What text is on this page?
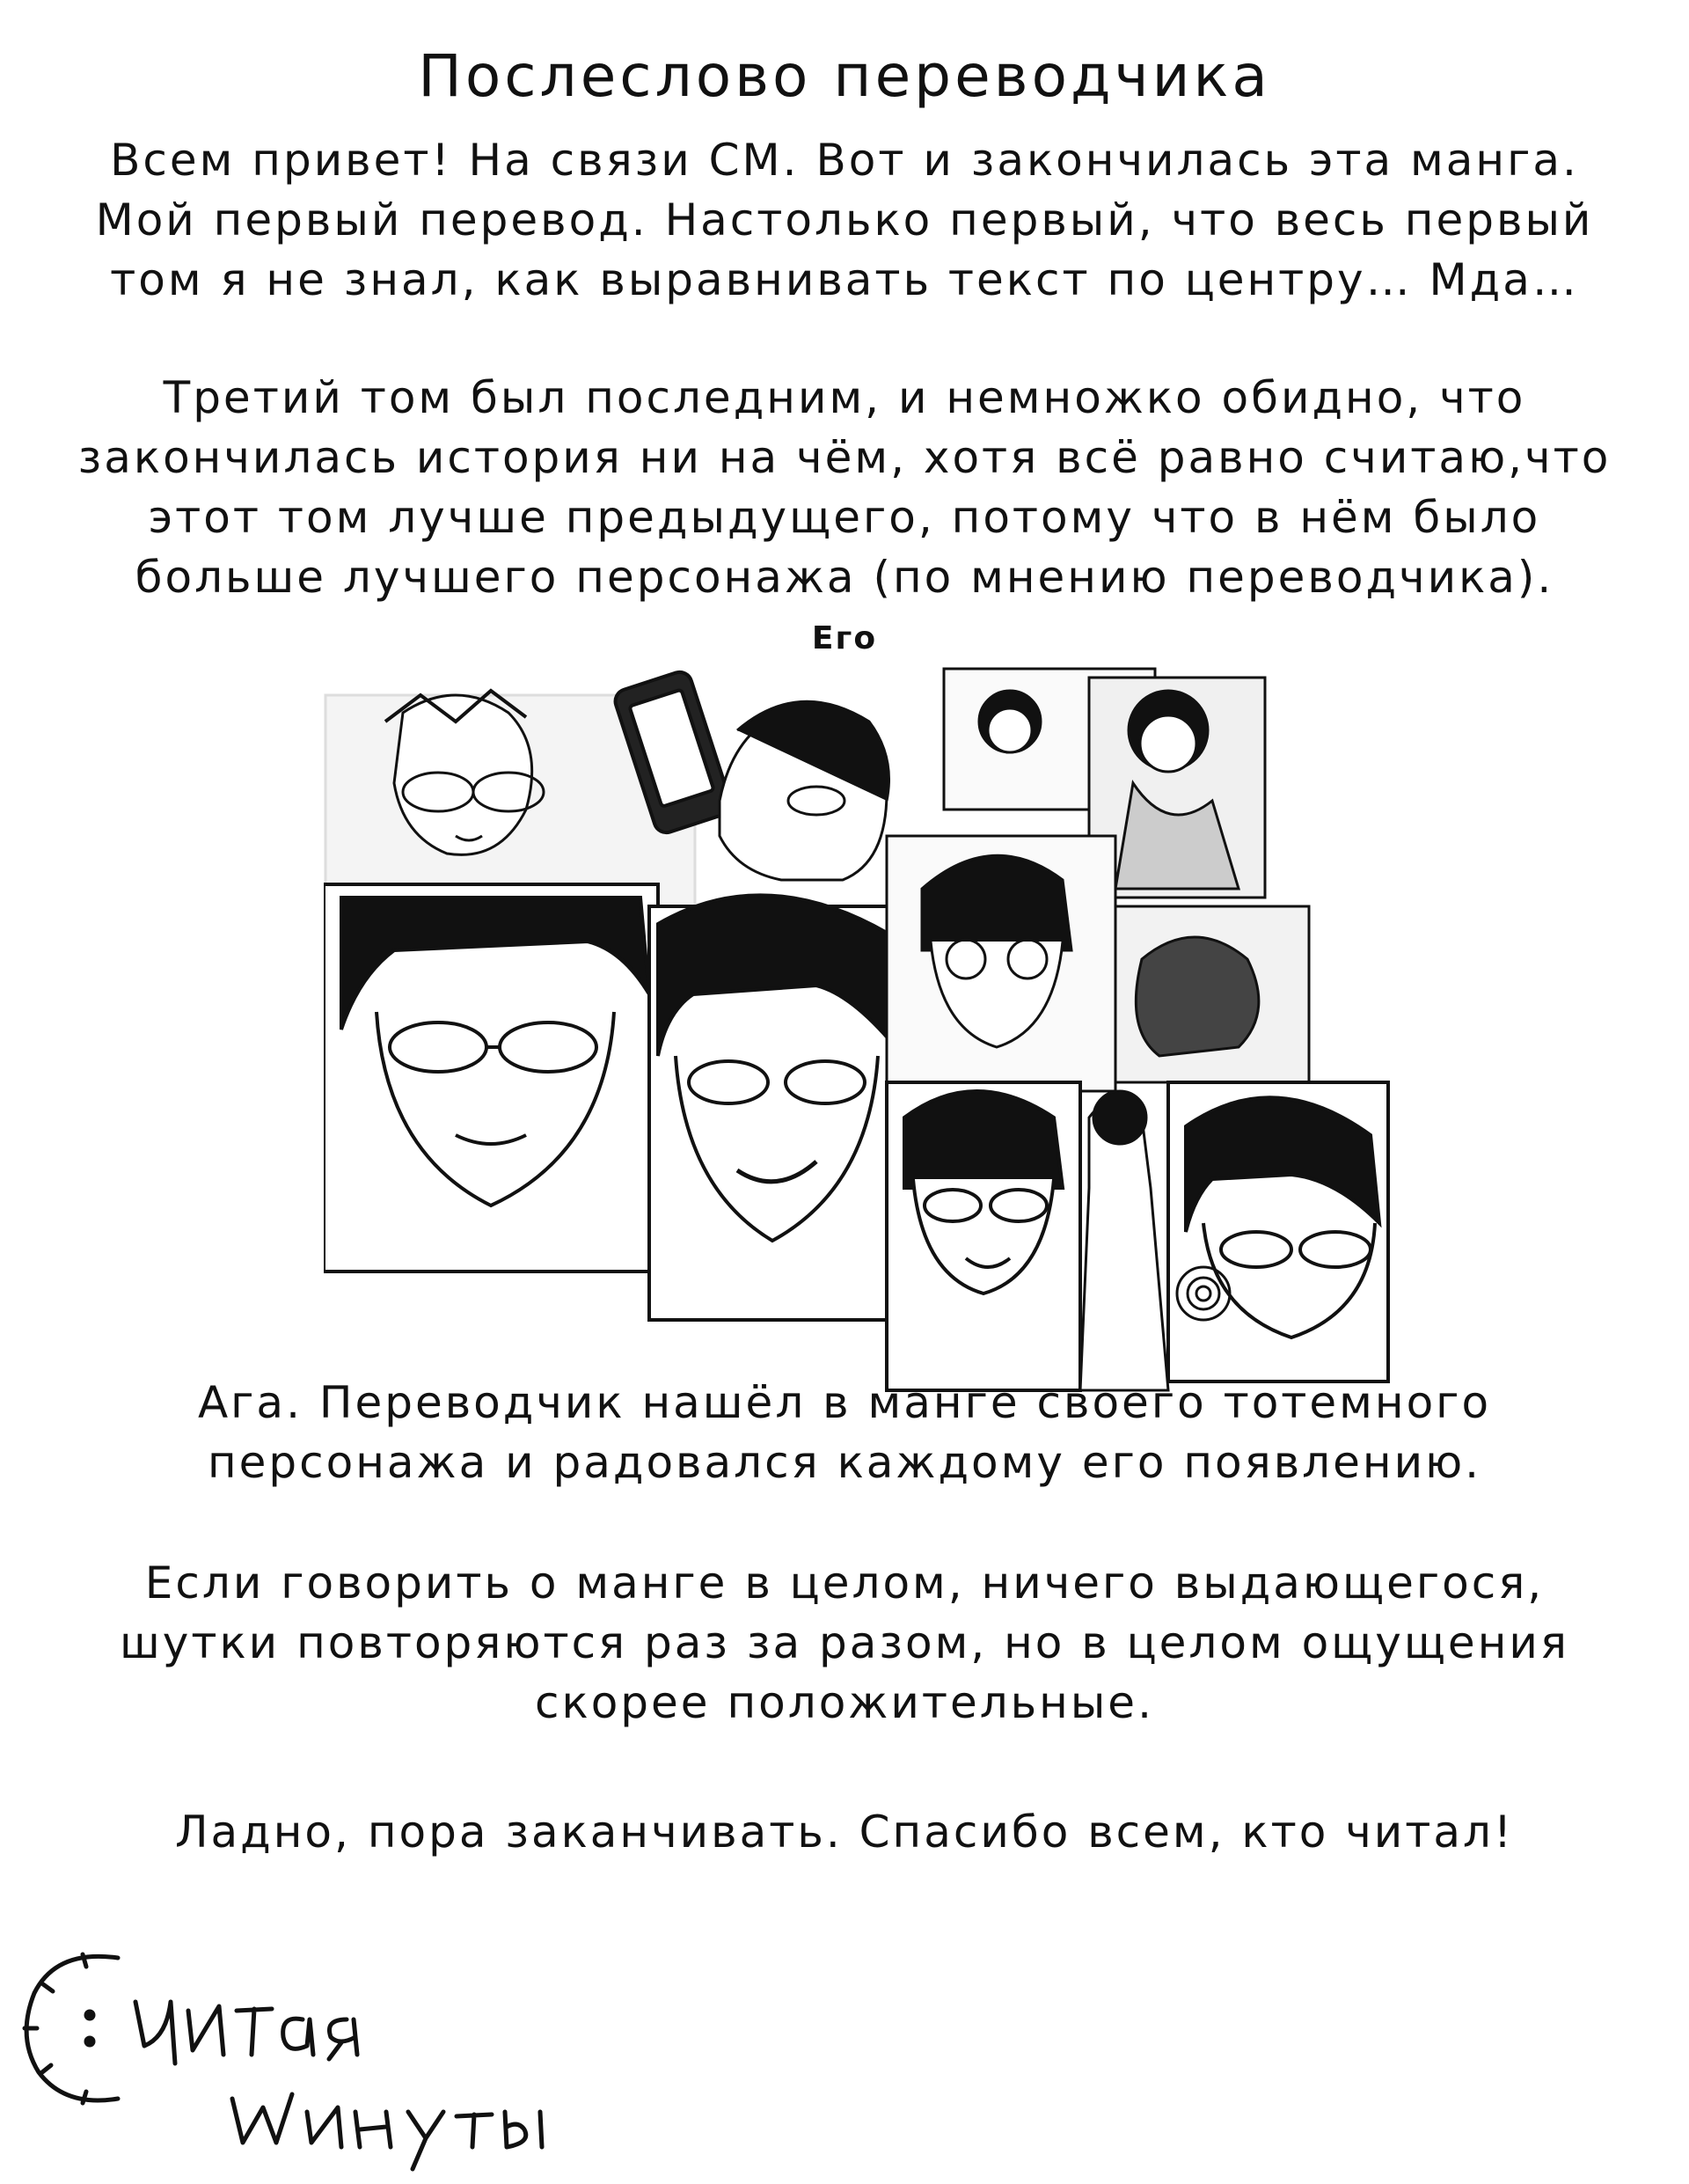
Послеслово переводчика
Всем привет! На связи СМ. Вот и закончилась эта манга.
Мой первый перевод. Настолько первый, что весь первый
том я не знал, как выравнивать текст по центру… Мда…
Третий том был последним, и немножко обидно, что
закончилась история ни на чём, хотя всё равно считаю,что
этот том лучше предыдущего, потому что в нём было
больше лучшего персонажа (по мнению переводчика).
Его
Ага. Переводчик нашёл в манге своего тотемного
персонажа и радовался каждому его появлению.
Если говорить о манге в целом, ничего выдающегося,
шутки повторяются раз за разом, но в целом ощущения
скорее положительные.
Ладно, пора заканчивать. Спасибо всем, кто читал!
